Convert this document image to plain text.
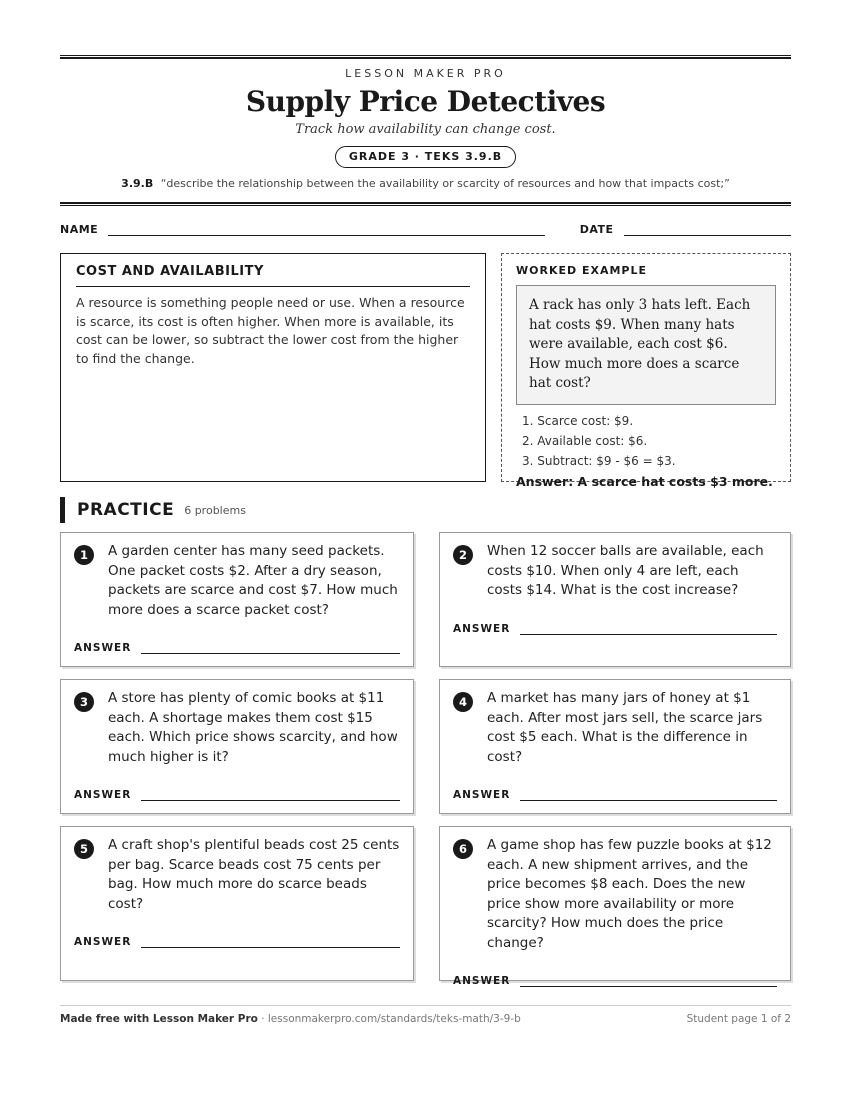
LESSON MAKER PRO
Supply Price Detectives
Track how availability can change cost.
GRADE 3 · TEKS 3.9.B
3.9.B “describe the relationship between the availability or scarcity of resources and how that impacts cost;”
NAME	DATE
COST AND AVAILABILITY

A resource is something people need or use. When a resource is scarce, its cost is often higher. When more is available, its cost can be lower, so subtract the lower cost from the higher to find the change.

WORKED EXAMPLE
A rack has only 3 hats left. Each hat costs $9. When many hats were available, each cost $6. How much more does a scarce hat cost?
1. Scarce cost: $9.
2. Available cost: $6.
3. Subtract: $9 - $6 = $3.
Answer: A scarce hat costs $3 more.
PRACTICE 6 problems
1	A garden center has many seed packets. One packet costs $2. After a dry season, packets are scarce and cost $7. How much more does a scarce packet cost?
ANSWER
2	When 12 soccer balls are available, each costs $10. When only 4 are left, each costs $14. What is the cost increase?
ANSWER
3	A store has plenty of comic books at $11 each. A shortage makes them cost $15 each. Which price shows scarcity, and how much higher is it?
ANSWER
4	A market has many jars of honey at $1 each. After most jars sell, the scarce jars cost $5 each. What is the difference in cost?
ANSWER
5	A craft shop's plentiful beads cost 25 cents per bag. Scarce beads cost 75 cents per bag. How much more do scarce beads cost?
ANSWER
6	A game shop has few puzzle books at $12 each. A new shipment arrives, and the price becomes $8 each. Does the new price show more availability or more scarcity? How much does the price change?
ANSWER
Made free with Lesson Maker Pro · lessonmakerpro.com/standards/teks-math/3-9-b	Student page 1 of 2
